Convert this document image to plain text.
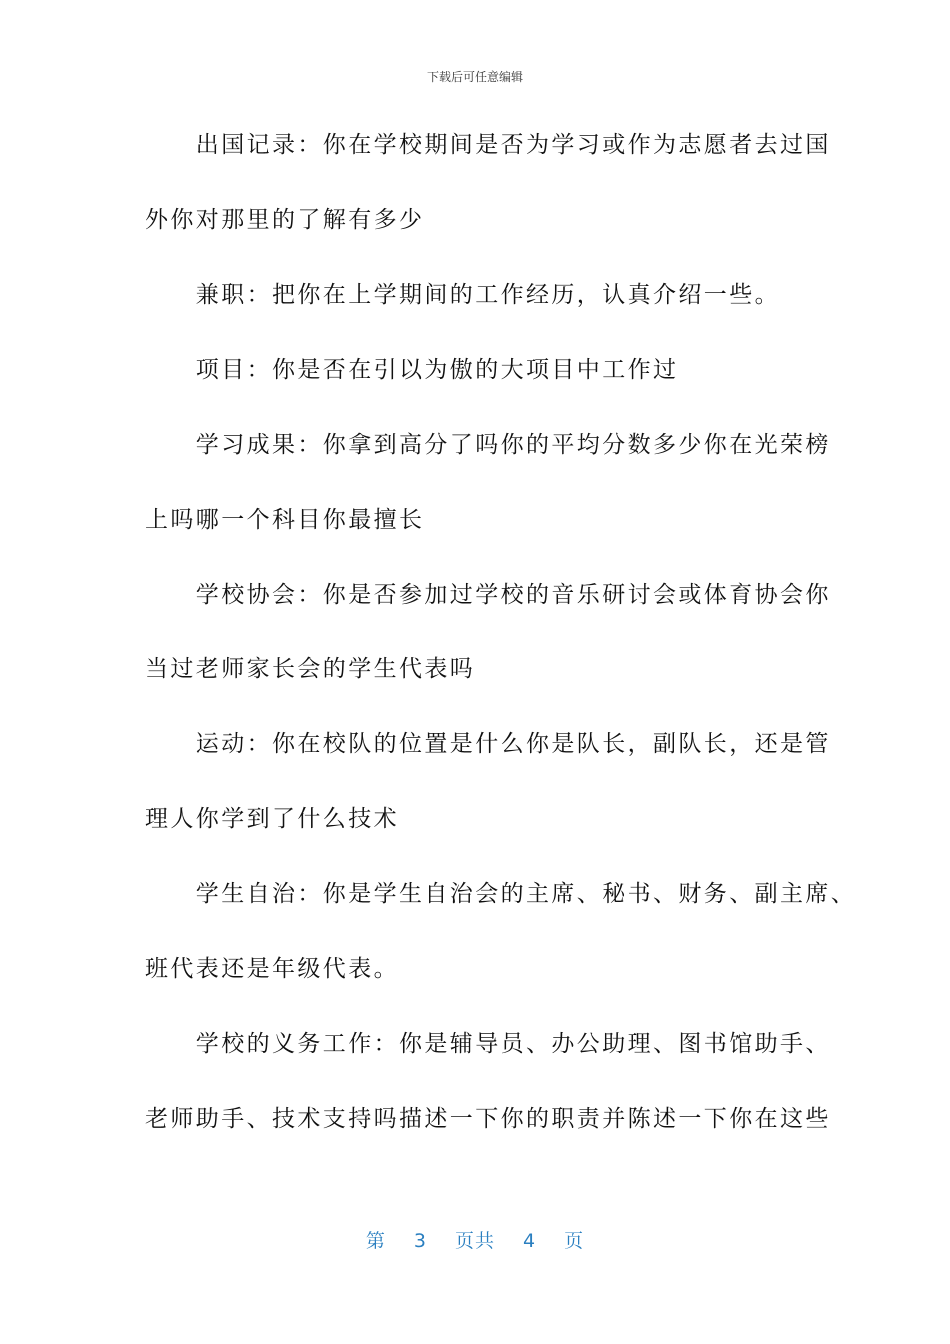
下载后可任意编辑
　　出国记录：你在学校期间是否为学习或作为志愿者去过国
外你对那里的了解有多少
　　兼职：把你在上学期间的工作经历，认真介绍一些。
　　项目：你是否在引以为傲的大项目中工作过
　　学习成果：你拿到高分了吗你的平均分数多少你在光荣榜
上吗哪一个科目你最擅长
　　学校协会：你是否参加过学校的音乐研讨会或体育协会你
当过老师家长会的学生代表吗
　　运动：你在校队的位置是什么你是队长，副队长，还是管
理人你学到了什么技术
　　学生自治：你是学生自治会的主席、秘书、财务、副主席、
班代表还是年级代表。
　　学校的义务工作：你是辅导员、办公助理、图书馆助手、
老师助手、技术支持吗描述一下你的职责并陈述一下你在这些
第 3 页共 4 页
